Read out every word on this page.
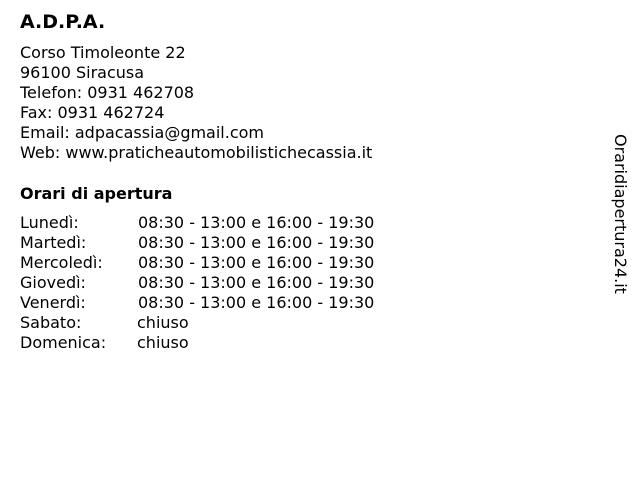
A.D.P.A.
Corso Timoleonte 22
96100 Siracusa
Telefon: 0931 462708
Fax: 0931 462724
Email: adpacassia@gmail.com
Web: www.pratichеautomobilistichecassia.it
Orari di apertura
Lunedì:	08:30 - 13:00 e 16:00 - 19:30
Martedì:	08:30 - 13:00 e 16:00 - 19:30
Mercoledì: 08:30 - 13:00 e 16:00 - 19:30
Giovedì:	08:30 - 13:00 e 16:00 - 19:30
Venerdì:	08:30 - 13:00 e 16:00 - 19:30
Sabato:	chiuso
Domenica: chiuso
Oraridiapertura24.it
